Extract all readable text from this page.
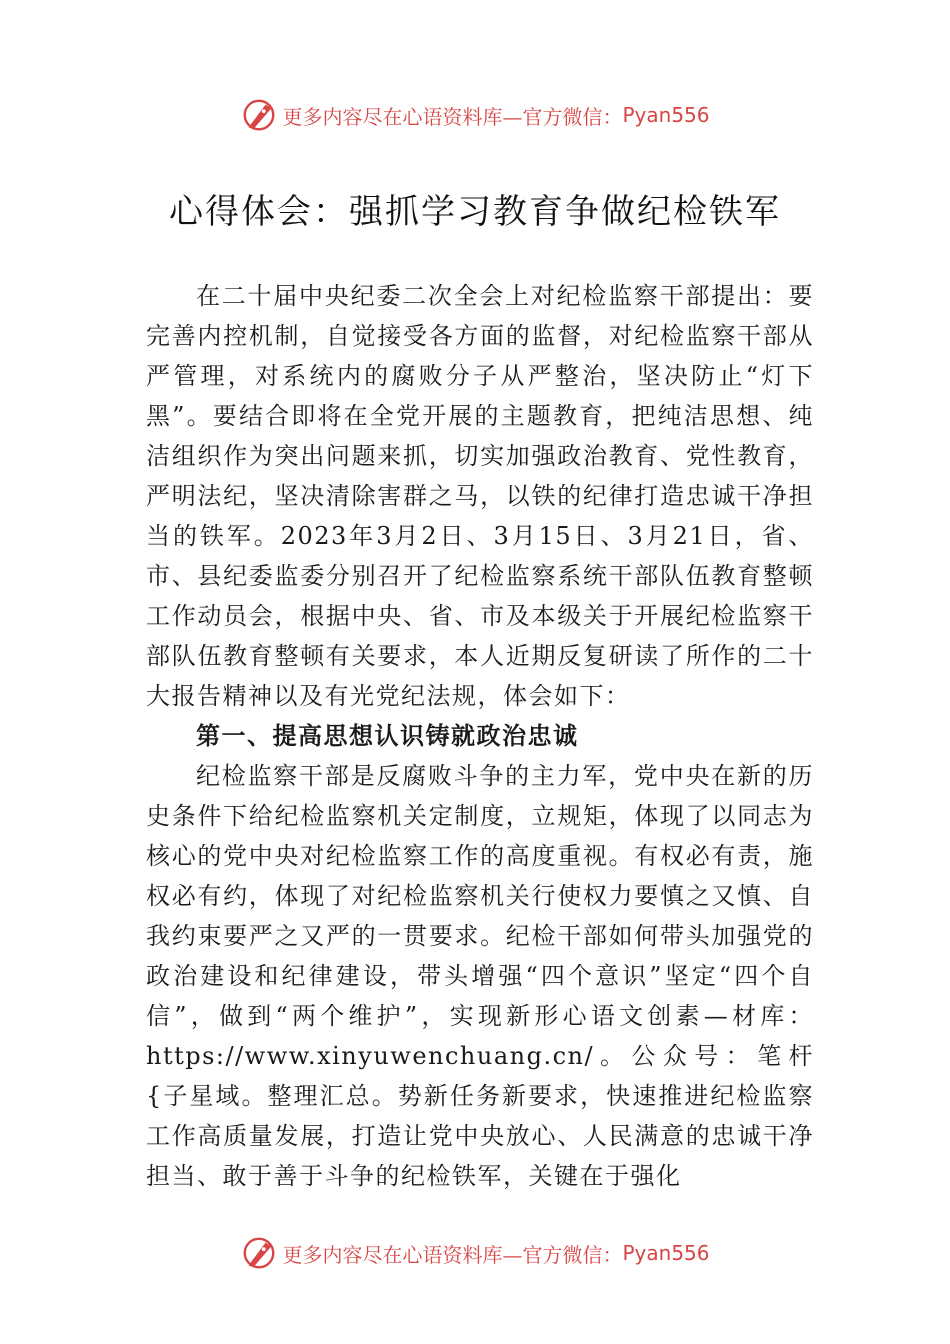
更多内容尽在心语资料库—官方微信： Pyan556
心得体会：强抓学习教育争做纪检铁军

在二十届中央纪委二次全会上对纪检监察干部提出：要完善内控机制，自觉接受各方面的监督，对纪检监察干部从严管理，对系统内的腐败分子从严整治，坚决防止“灯下黑”。要结合即将在全党开展的主题教育，把纯洁思想、纯洁组织作为突出问题来抓，切实加强政治教育、党性教育，严明法纪，坚决清除害群之马，以铁的纪律打造忠诚干净担当的铁军。2023年3月2日、3月15日、3月21日，省、市、县纪委监委分别召开了纪检监察系统干部队伍教育整顿工作动员会，根据中央、省、市及本级关于开展纪检监察干部队伍教育整顿有关要求，本人近期反复研读了所作的二十大报告精神以及有光党纪法规，体会如下：

第一、提高思想认识铸就政治忠诚

纪检监察干部是反腐败斗争的主力军，党中央在新的历史条件下给纪检监察机关定制度，立规矩，体现了以同志为核心的党中央对纪检监察工作的高度重视。有权必有责，施权必有约，体现了对纪检监察机关行使权力要慎之又慎、自我约束要严之又严的一贯要求。纪检干部如何带头加强党的政治建设和纪律建设，带头增强“四个意识”坚定“四个自信”，做到“两个维护”，实现新形心语文创素—材库：https://www.xinyuwenchuang.cn/。公众号：笔杆{子星域。整理汇总。势新任务新要求，快速推进纪检监察工作高质量发展，打造让党中央放心、人民满意的忠诚干净担当、敢于善于斗争的纪检铁军，关键在于强化

更多内容尽在心语资料库—官方微信： Pyan556
